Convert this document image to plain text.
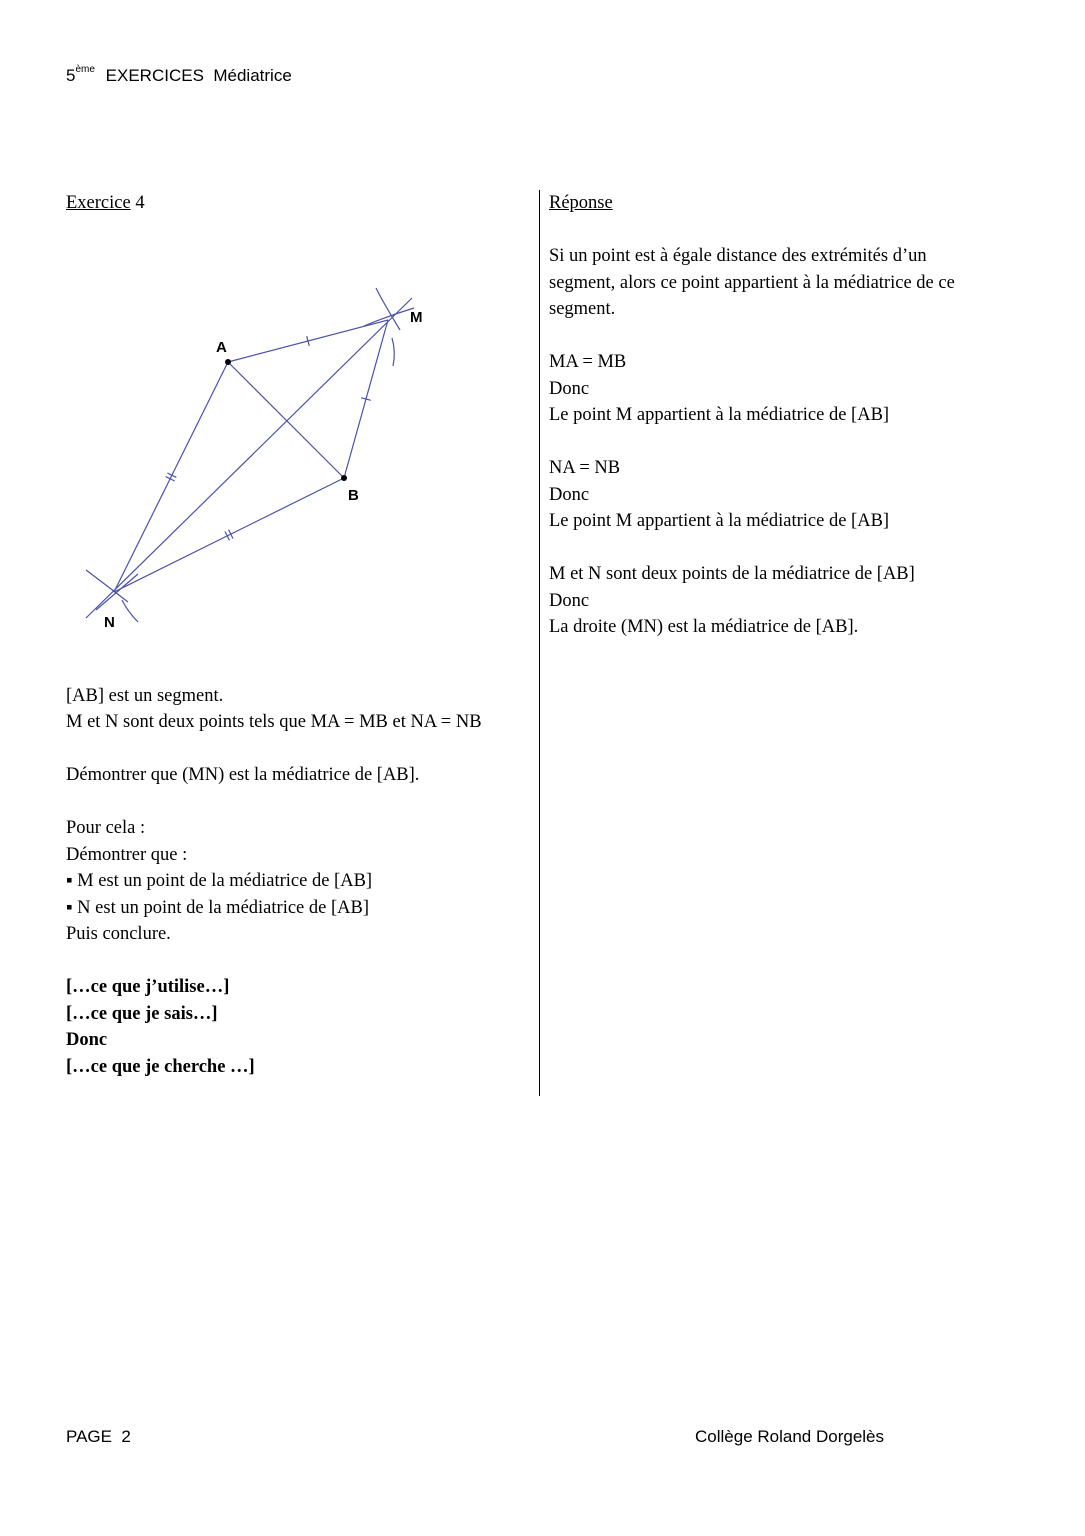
5ème EXERCICES  Médiatrice
Exercice 4
[AB] est un segment.
M et N sont deux points tels que MA = MB et NA = NB
Démontrer que (MN) est la médiatrice de [AB].
Pour cela :
Démontrer que :
▪ M est un point de la médiatrice de [AB]
▪ N est un point de la médiatrice de [AB]
Puis conclure.
[…ce que j’utilise…]
[…ce que je sais…]
Donc
[…ce que je cherche …]
A
B
M
N
Réponse
Si un point est à égale distance des extrémités d’un
segment, alors ce point appartient à la médiatrice de ce
segment.
MA = MB
Donc
Le point M appartient à la médiatrice de [AB]
NA = NB
Donc
Le point M appartient à la médiatrice de [AB]
M et N sont deux points de la médiatrice de [AB]
Donc
La droite (MN) est la médiatrice de [AB].
PAGE  2	Collège Roland Dorgelès
